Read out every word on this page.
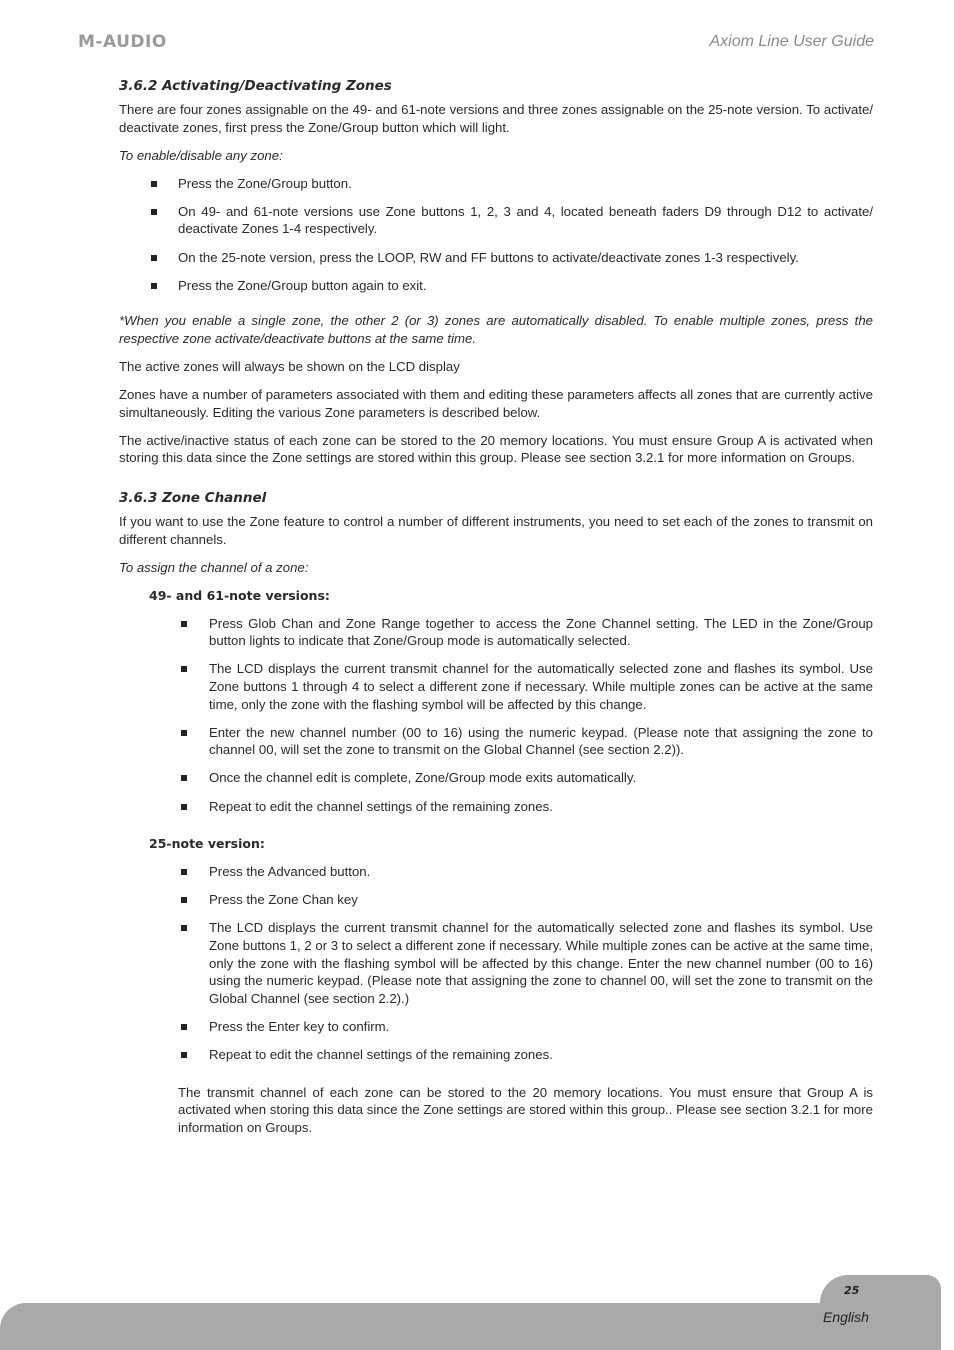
M-AUDIO	Axiom Line User Guide
3.6.2 Activating/Deactivating Zones

There are four zones assignable on the 49- and 61-note versions and three zones assignable on the 25-note version. To activate/ deactivate zones, first press the Zone/Group button which will light.

To enable/disable any zone:

Press the Zone/Group button.
On 49- and 61-note versions use Zone buttons 1, 2, 3 and 4, located beneath faders D9 through D12 to activate/ deactivate Zones 1-4 respectively.
On the 25-note version, press the LOOP, RW and FF buttons to activate/deactivate zones 1-3 respectively.
Press the Zone/Group button again to exit.

*When you enable a single zone, the other 2 (or 3) zones are automatically disabled. To enable multiple zones, press the respective zone activate/deactivate buttons at the same time.

The active zones will always be shown on the LCD display

Zones have a number of parameters associated with them and editing these parameters affects all zones that are currently active simultaneously. Editing the various Zone parameters is described below.

The active/inactive status of each zone can be stored to the 20 memory locations. You must ensure Group A is activated when storing this data since the Zone settings are stored within this group. Please see section 3.2.1 for more information on Groups.

3.6.3 Zone Channel

If you want to use the Zone feature to control a number of different instruments, you need to set each of the zones to transmit on different channels.

To assign the channel of a zone:

49- and 61-note versions:
Press Glob Chan and Zone Range together to access the Zone Channel setting. The LED in the Zone/Group button lights to indicate that Zone/Group mode is automatically selected.
The LCD displays the current transmit channel for the automatically selected zone and flashes its symbol. Use Zone buttons 1 through 4 to select a different zone if necessary. While multiple zones can be active at the same time, only the zone with the flashing symbol will be affected by this change.
Enter the new channel number (00 to 16) using the numeric keypad. (Please note that assigning the zone to channel 00, will set the zone to transmit on the Global Channel (see section 2.2)).
Once the channel edit is complete, Zone/Group mode exits automatically.
Repeat to edit the channel settings of the remaining zones.
25-note version:
Press the Advanced button.
Press the Zone Chan key
The LCD displays the current transmit channel for the automatically selected zone and flashes its symbol. Use Zone buttons 1, 2 or 3 to select a different zone if necessary. While multiple zones can be active at the same time, only the zone with the flashing symbol will be affected by this change. Enter the new channel number (00 to 16) using the numeric keypad. (Please note that assigning the zone to channel 00, will set the zone to transmit on the Global Channel (see section 2.2).)
Press the Enter key to confirm.
Repeat to edit the channel settings of the remaining zones.

The transmit channel of each zone can be stored to the 20 memory locations. You must ensure that Group A is activated when storing this data since the Zone settings are stored within this group.. Please see section 3.2.1 for more information on Groups.

25
English
